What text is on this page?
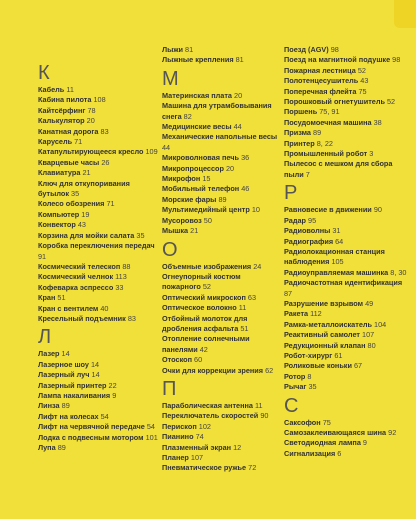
К
Кабель 11
Кабина пилота 108
Кайтсёрфинг 78
Калькулятор 20
Канатная дорога 83
Карусель 71
Катапультирующееся кресло 109
Кварцевые часы 26
Клавиатура 21
Ключ для откупоривания бутылок 35
Колесо обозрения 71
Компьютер 19
Конвектор 43
Корзина для мойки салата 35
Коробка переключения передач 91
Космический телескоп 88
Космический челнок 113
Кофеварка эспрессо 33
Кран 51
Кран с вентилем 40
Кресельный подъемник 83
Л
Лазер 14
Лазерное шоу 14
Лазерный луч 14
Лазерный принтер 22
Лампа накаливания 9
Линза 89
Лифт на колесах 54
Лифт на червячной передаче 54
Лодка с подвесным мотором 101
Лупа 89
Лыжи 81
Лыжные крепления 81
М
Материнская плата 20
Машина для утрамбовывания снега 82
Медицинские весы 44
Механические напольные весы 44
Микроволновая печь 36
Микропроцессор 20
Микрофон 15
Мобильный телефон 46
Морские фары 89
Мультимедийный центр 10
Мусоровоз 50
Мышка 21
О
Объемные изображения 24
Огнеупорный костюм пожарного 52
Оптический микроскоп 63
Оптическое волокно 11
Отбойный молоток для дробления асфальта 51
Отопление солнечными панелями 42
Отоскоп 60
Очки для коррекции зрения 62
П
Параболическая антенна 11
Переключатель скоростей 90
Перископ 102
Пианино 74
Плазменный экран 12
Планер 107
Пневматическое ружье 72
Поезд (AGV) 98
Поезд на магнитной подушке 98
Пожарная лестница 52
Полотенцесушитель 43
Поперечная флейта 75
Порошковый огнетушитель 52
Поршень 75, 91
Посудомоечная машина 38
Призма 89
Принтер 8, 22
Промышленный робот 3
Пылесос с мешком для сбора пыли 7
Р
Равновесие в движении 90
Радар 95
Радиоволны 31
Радиография 64
Радиолокационная станция наблюдения 105
Радиоуправляемая машинка 8, 30
Радиочастотная идентификация 87
Разрушение взрывом 49
Ракета 112
Рамка-металлоискатель 104
Реактивный самолет 107
Редукционный клапан 80
Робот-хирург 61
Роликовые коньки 67
Ротор 8
Рычаг 35
С
Саксофон 75
Самозаклеивающаяся шина 92
Светодиодная лампа 9
Сигнализация 6
